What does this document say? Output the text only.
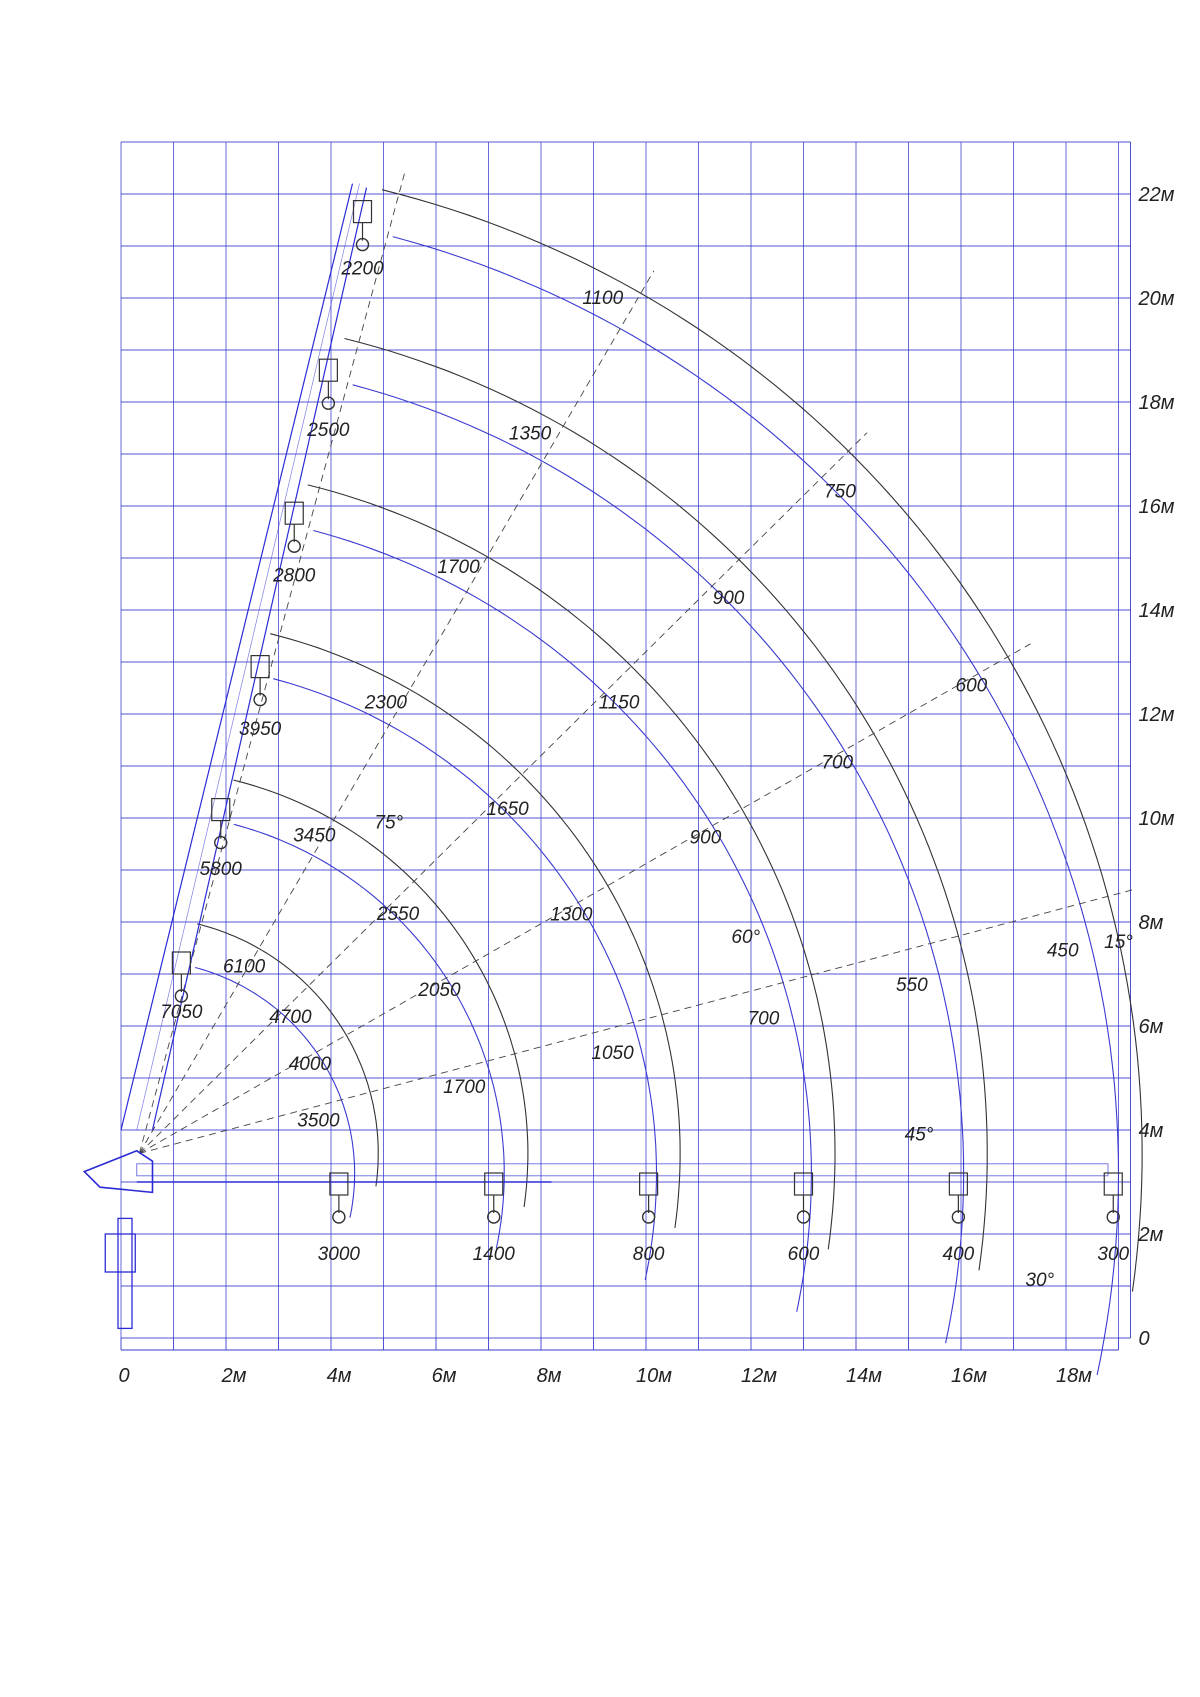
0	2м	4м	6м	8м	10м	12м	14м	16м	18м
0
2м
4м
6м
8м
10м
12м
14м
16м
18м
20м
22м
15°
30°
45°
60°
75°
7050
5800
3950
2800
2500
2200
3000	1400	800	600	400	300
6100
4700
4000
3500
3450
2550
2050
1700
2300
1650
1300
1050
1700
1150
900
700
1350
900
700
550
1100
750
600
450
